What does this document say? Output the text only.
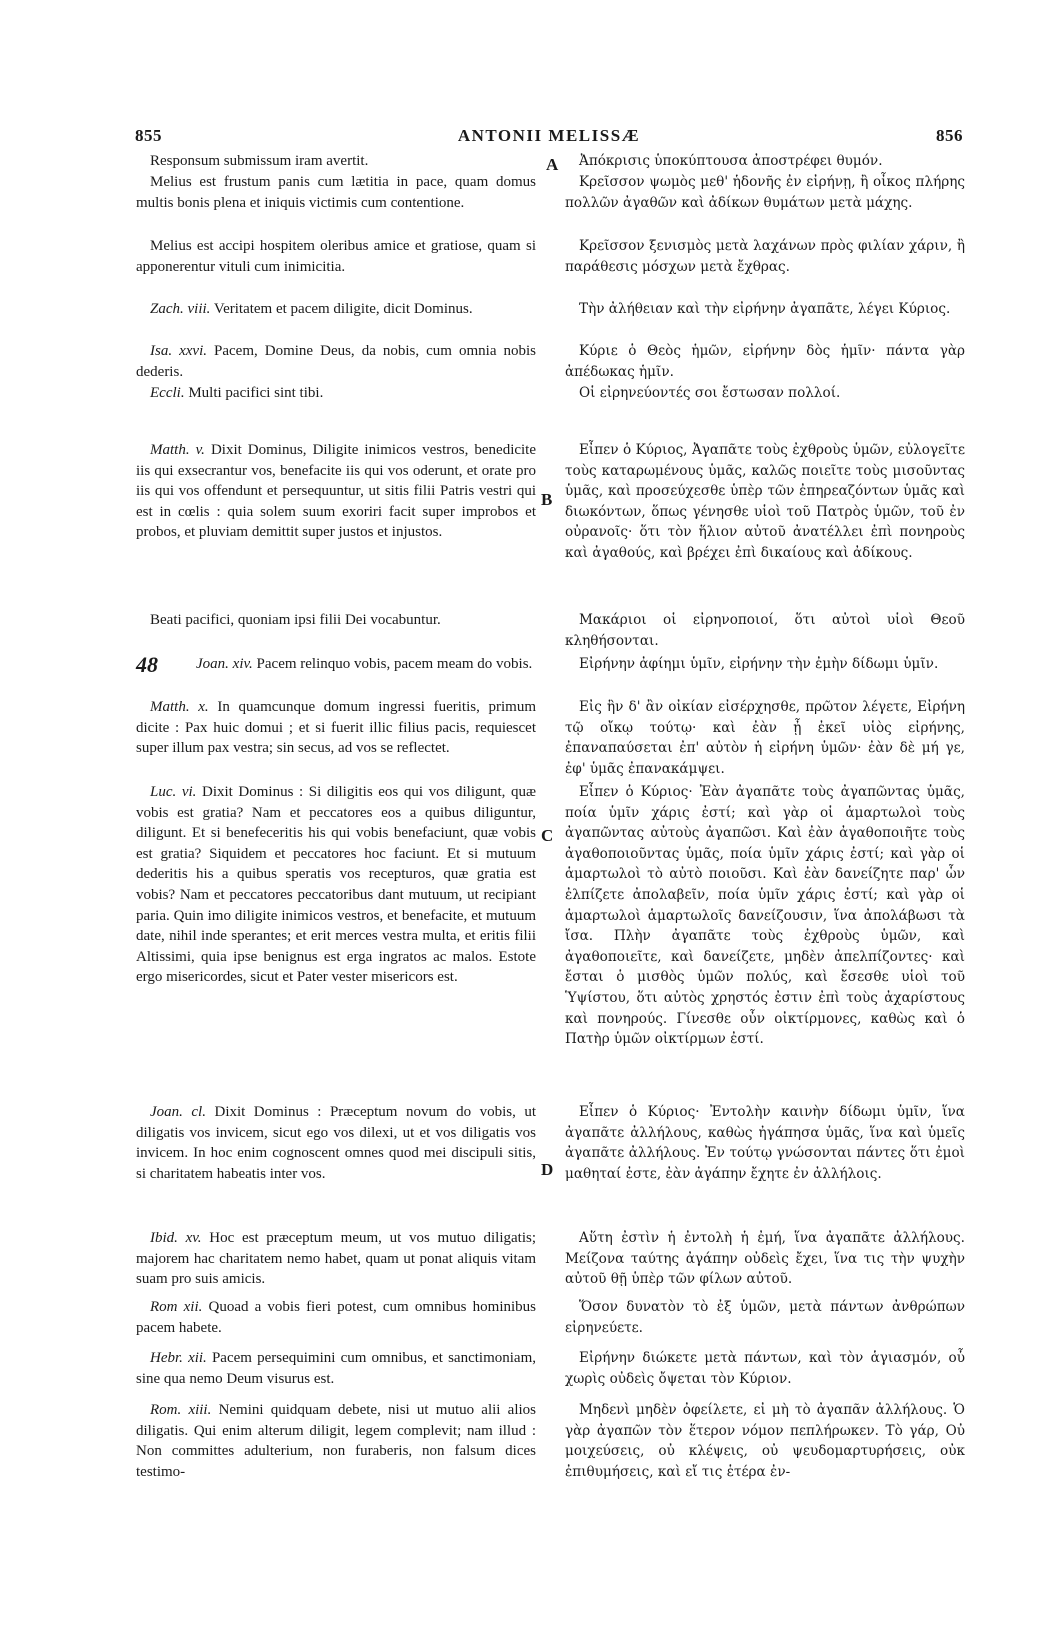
855	ANTONII MELISSÆ	856
A
B
C
D
48

Responsum submissum iram avertit.

Melius est frustum panis cum lætitia in pace, quam domus multis bonis plena et iniquis victimis cum contentione.

Melius est accipi hospitem oleribus amice et gratiose, quam si apponerentur vituli cum inimicitia.

Zach. viii. Veritatem et pacem diligite, dicit Dominus.

Isa. xxvi. Pacem, Domine Deus, da nobis, cum omnia nobis dederis.

Eccli. Multi pacifici sint tibi.

Matth. v. Dixit Dominus, Diligite inimicos vestros, benedicite iis qui exsecrantur vos, benefacite iis qui vos oderunt, et orate pro iis qui vos offendunt et persequuntur, ut sitis filii Patris vestri qui est in cœlis : quia solem suum exoriri facit super improbos et probos, et pluviam demittit super justos et injustos.

Beati pacifici, quoniam ipsi filii Dei vocabuntur.

Joan. xiv. Pacem relinquo vobis, pacem meam do vobis.

Matth. x. In quamcunque domum ingressi fueritis, primum dicite : Pax huic domui ; et si fuerit illic filius pacis, requiescet super illum pax vestra; sin secus, ad vos se reflectet.

Luc. vi. Dixit Dominus : Si diligitis eos qui vos diligunt, quæ vobis est gratia? Nam et peccatores eos a quibus diliguntur, diligunt. Et si benefeceritis his qui vobis benefaciunt, quæ vobis est gratia? Siquidem et peccatores hoc faciunt. Et si mutuum dederitis his a quibus speratis vos recepturos, quæ gratia est vobis? Nam et peccatores peccatoribus dant mutuum, ut recipiant paria. Quin imo diligite inimicos vestros, et benefacite, et mutuum date, nihil inde sperantes; et erit merces vestra multa, et eritis filii Altissimi, quia ipse benignus est erga ingratos ac malos. Estote ergo misericordes, sicut et Pater vester misericors est.

Joan. cl. Dixit Dominus : Præceptum novum do vobis, ut diligatis vos invicem, sicut ego vos dilexi, ut et vos diligatis vos invicem. In hoc enim cognoscent omnes quod mei discipuli sitis, si charitatem habeatis inter vos.

Ibid. xv. Hoc est præceptum meum, ut vos mutuo diligatis; majorem hac charitatem nemo habet, quam ut ponat aliquis vitam suam pro suis amicis.

Rom xii. Quoad a vobis fieri potest, cum omnibus hominibus pacem habete.

Hebr. xii. Pacem persequimini cum omnibus, et sanctimoniam, sine qua nemo Deum visurus est.

Rom. xiii. Nemini quidquam debete, nisi ut mutuo alii alios diligatis. Qui enim alterum diligit, legem complevit; nam illud : Non committes adulterium, non furaberis, non falsum dices testimo-

Ἀπόκρισις ὑποκύπτουσα ἀποστρέφει θυμόν.

Κρεῖσσον ψωμὸς μεθ' ἡδονῆς ἐν εἰρήνῃ, ἢ οἶκος πλήρης πολλῶν ἀγαθῶν καὶ ἀδίκων θυμάτων μετὰ μάχης.

Κρεῖσσον ξενισμὸς μετὰ λαχάνων πρὸς φιλίαν χάριν, ἢ παράθεσις μόσχων μετὰ ἔχθρας.

Τὴν ἀλήθειαν καὶ τὴν εἰρήνην ἀγαπᾶτε, λέγει Κύριος.

Κύριε ὁ Θεὸς ἡμῶν, εἰρήνην δὸς ἡμῖν· πάντα γὰρ ἀπέδωκας ἡμῖν.

Οἱ εἰρηνεύοντές σοι ἔστωσαν πολλοί.

Εἶπεν ὁ Κύριος, Ἀγαπᾶτε τοὺς ἐχθροὺς ὑμῶν, εὐλογεῖτε τοὺς καταρωμένους ὑμᾶς, καλῶς ποιεῖτε τοὺς μισοῦντας ὑμᾶς, καὶ προσεύχεσθε ὑπὲρ τῶν ἐπηρεαζόντων ὑμᾶς καὶ διωκόντων, ὅπως γένησθε υἱοὶ τοῦ Πατρὸς ὑμῶν, τοῦ ἐν οὐρανοῖς· ὅτι τὸν ἥλιον αὐτοῦ ἀνατέλλει ἐπὶ πονηροὺς καὶ ἀγαθούς, καὶ βρέχει ἐπὶ δικαίους καὶ ἀδίκους.

Μακάριοι οἱ εἰρηνοποιοί, ὅτι αὐτοὶ υἱοὶ Θεοῦ κληθήσονται.

Εἰρήνην ἀφίημι ὑμῖν, εἰρήνην τὴν ἐμὴν δίδωμι ὑμῖν.

Εἰς ἣν δ' ἂν οἰκίαν εἰσέρχησθε, πρῶτον λέγετε, Εἰρήνη τῷ οἴκῳ τούτῳ· καὶ ἐὰν ᾖ ἐκεῖ υἱὸς εἰρήνης, ἐπαναπαύσεται ἐπ' αὐτὸν ἡ εἰρήνη ὑμῶν· ἐὰν δὲ μή γε, ἐφ' ὑμᾶς ἐπανακάμψει.

Εἶπεν ὁ Κύριος· Ἐὰν ἀγαπᾶτε τοὺς ἀγαπῶντας ὑμᾶς, ποία ὑμῖν χάρις ἐστί; καὶ γὰρ οἱ ἁμαρτωλοὶ τοὺς ἀγαπῶντας αὐτοὺς ἀγαπῶσι. Καὶ ἐὰν ἀγαθοποιῆτε τοὺς ἀγαθοποιοῦντας ὑμᾶς, ποία ὑμῖν χάρις ἐστί; καὶ γὰρ οἱ ἁμαρτωλοὶ τὸ αὐτὸ ποιοῦσι. Καὶ ἐὰν δανείζητε παρ' ὧν ἐλπίζετε ἀπολαβεῖν, ποία ὑμῖν χάρις ἐστί; καὶ γὰρ οἱ ἁμαρτωλοὶ ἁμαρτωλοῖς δανείζουσιν, ἵνα ἀπολάβωσι τὰ ἴσα. Πλὴν ἀγαπᾶτε τοὺς ἐχθροὺς ὑμῶν, καὶ ἀγαθοποιεῖτε, καὶ δανείζετε, μηδὲν ἀπελπίζοντες· καὶ ἔσται ὁ μισθὸς ὑμῶν πολύς, καὶ ἔσεσθε υἱοὶ τοῦ Ὑψίστου, ὅτι αὐτὸς χρηστός ἐστιν ἐπὶ τοὺς ἀχαρίστους καὶ πονηρούς. Γίνεσθε οὖν οἰκτίρμονες, καθὼς καὶ ὁ Πατὴρ ὑμῶν οἰκτίρμων ἐστί.

Εἶπεν ὁ Κύριος· Ἐντολὴν καινὴν δίδωμι ὑμῖν, ἵνα ἀγαπᾶτε ἀλλήλους, καθὼς ἠγάπησα ὑμᾶς, ἵνα καὶ ὑμεῖς ἀγαπᾶτε ἀλλήλους. Ἐν τούτῳ γνώσονται πάντες ὅτι ἐμοὶ μαθηταί ἐστε, ἐὰν ἀγάπην ἔχητε ἐν ἀλλήλοις.

Αὕτη ἐστὶν ἡ ἐντολὴ ἡ ἐμή, ἵνα ἀγαπᾶτε ἀλλήλους. Μείζονα ταύτης ἀγάπην οὐδεὶς ἔχει, ἵνα τις τὴν ψυχὴν αὐτοῦ θῇ ὑπὲρ τῶν φίλων αὐτοῦ.

Ὅσον δυνατὸν τὸ ἐξ ὑμῶν, μετὰ πάντων ἀνθρώπων εἰρηνεύετε.

Εἰρήνην διώκετε μετὰ πάντων, καὶ τὸν ἁγιασμόν, οὗ χωρὶς οὐδεὶς ὄψεται τὸν Κύριον.

Μηδενὶ μηδὲν ὀφείλετε, εἰ μὴ τὸ ἀγαπᾶν ἀλλήλους. Ὁ γὰρ ἀγαπῶν τὸν ἕτερον νόμον πεπλήρωκεν. Τὸ γάρ, Οὐ μοιχεύσεις, οὐ κλέψεις, οὐ ψευδομαρτυρήσεις, οὐκ ἐπιθυμήσεις, καὶ εἴ τις ἑτέρα ἐν-
